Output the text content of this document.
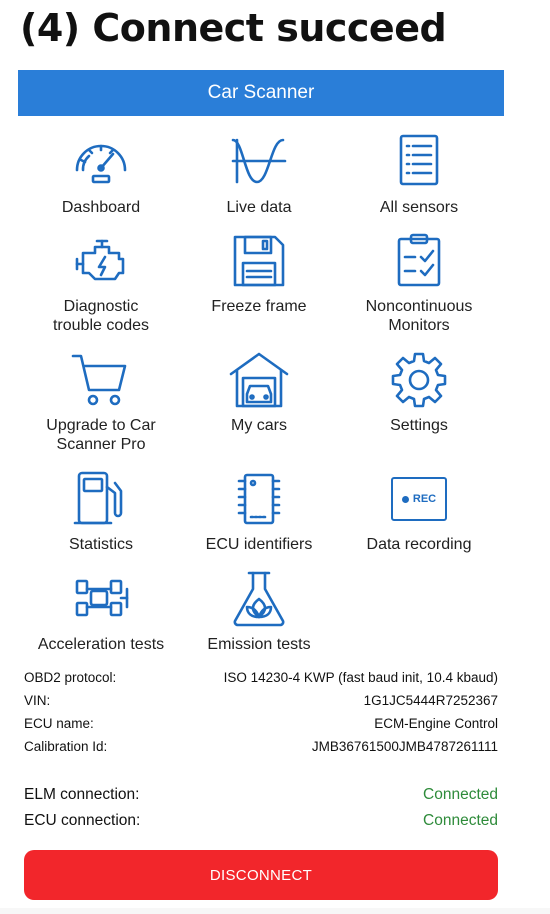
(4) Connect succeed
Car Scanner
Dashboard	Live data	All sensors
Diagnostic
trouble codes
Freeze frame	Noncontinuous
Monitors
Upgrade to Car
Scanner Pro
My cars	Settings
Statistics	ECU identifiers
REC
Data recording
Acceleration tests	Emission tests
OBD2 protocol:	ISO 14230-4 KWP (fast baud init, 10.4 kbaud)
VIN:	1G1JC5444R7252367
ECU name:	ECM-Engine Control
Calibration Id:	JMB36761500JMB4787261111
ELM connection:	Connected
ECU connection:	Connected
DISCONNECT
